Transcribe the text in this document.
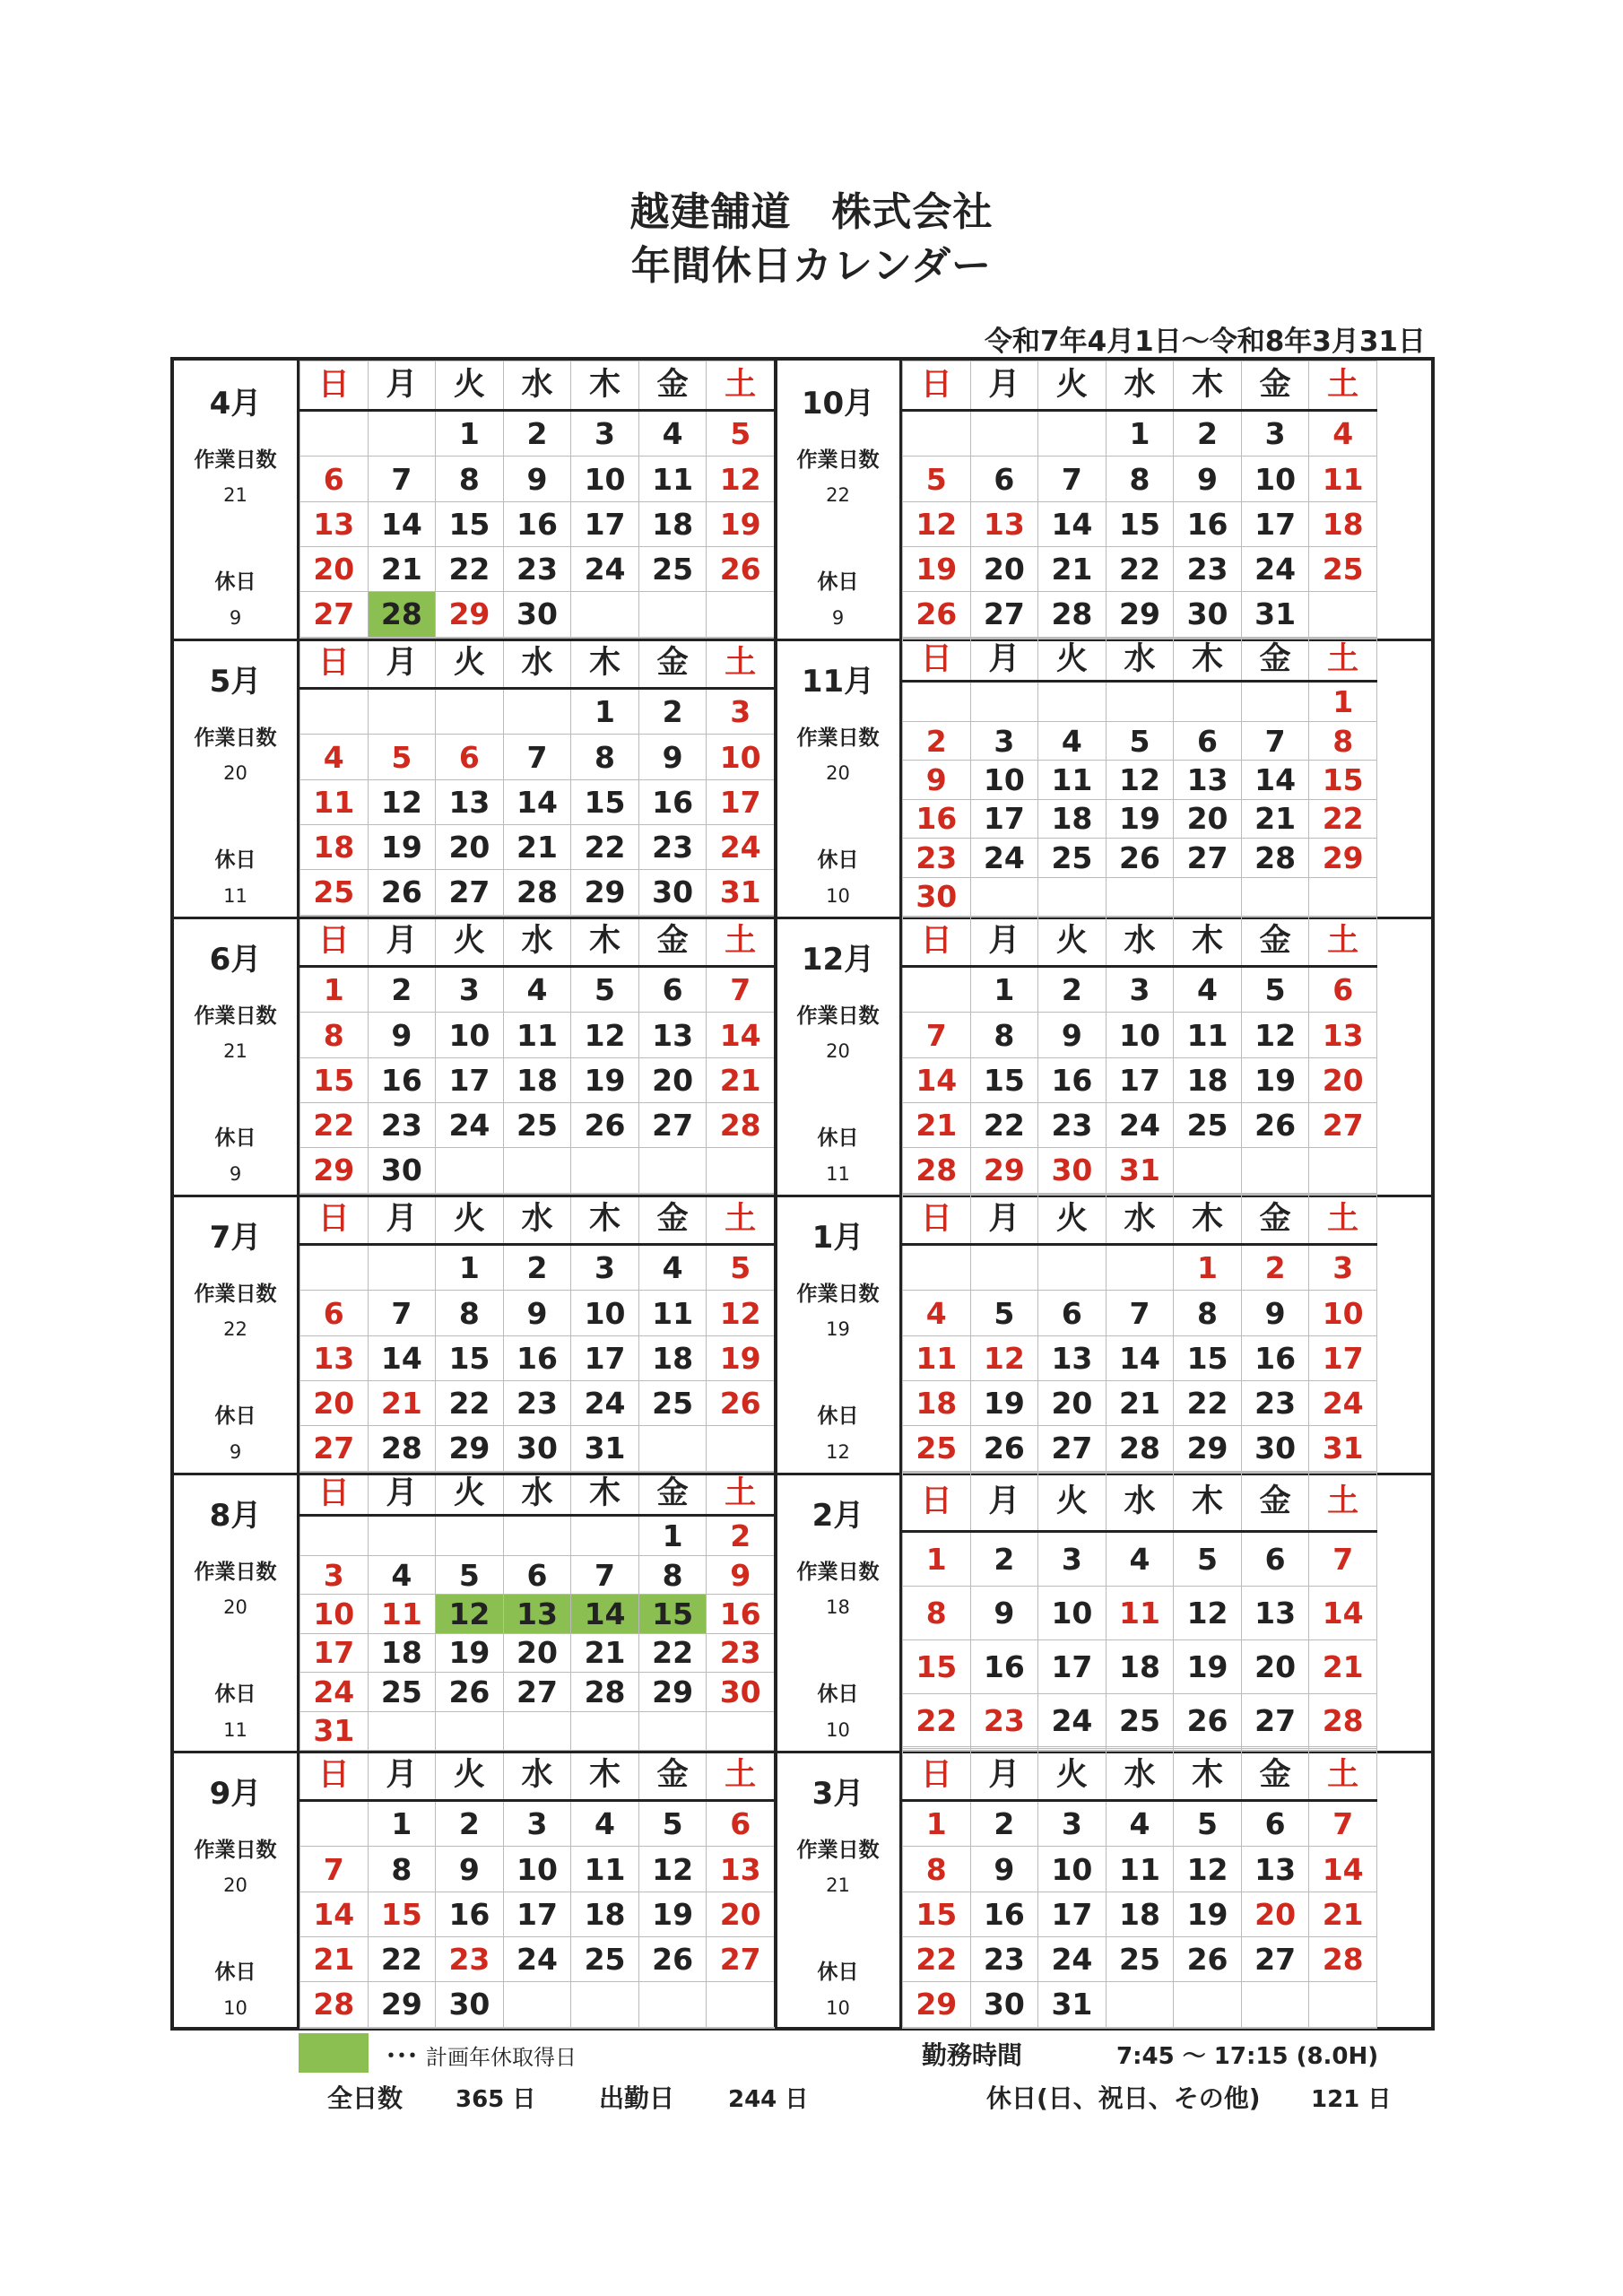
越建舗道　株式会社
年間休日カレンダー
令和7年4月1日～令和8年3月31日
4月
作業日数
21
休日
9
日	月	火	水	木	金	土
		1	2	3	4	5
6	7	8	9	10	11	12
13	14	15	16	17	18	19
20	21	22	23	24	25	26
27	28	29	30			

5月
作業日数
20
休日
11
日	月	火	水	木	金	土
				1	2	3
4	5	6	7	8	9	10
11	12	13	14	15	16	17
18	19	20	21	22	23	24
25	26	27	28	29	30	31

6月
作業日数
21
休日
9
日	月	火	水	木	金	土
1	2	3	4	5	6	7
8	9	10	11	12	13	14
15	16	17	18	19	20	21
22	23	24	25	26	27	28
29	30					

7月
作業日数
22
休日
9
日	月	火	水	木	金	土
		1	2	3	4	5
6	7	8	9	10	11	12
13	14	15	16	17	18	19
20	21	22	23	24	25	26
27	28	29	30	31		

8月
作業日数
20
休日
11
日	月	火	水	木	金	土
					1	2
3	4	5	6	7	8	9
10	11	12	13	14	15	16
17	18	19	20	21	22	23
24	25	26	27	28	29	30
31						
9月
作業日数
20
休日
10
日	月	火	水	木	金	土
	1	2	3	4	5	6
7	8	9	10	11	12	13
14	15	16	17	18	19	20
21	22	23	24	25	26	27
28	29	30				

10月
作業日数
22
休日
9
日	月	火	水	木	金	土
			1	2	3	4
5	6	7	8	9	10	11
12	13	14	15	16	17	18
19	20	21	22	23	24	25
26	27	28	29	30	31	

11月
作業日数
20
休日
10
日	月	火	水	木	金	土
						1
2	3	4	5	6	7	8
9	10	11	12	13	14	15
16	17	18	19	20	21	22
23	24	25	26	27	28	29
30						
12月
作業日数
20
休日
11
日	月	火	水	木	金	土
	1	2	3	4	5	6
7	8	9	10	11	12	13
14	15	16	17	18	19	20
21	22	23	24	25	26	27
28	29	30	31			

1月
作業日数
19
休日
12
日	月	火	水	木	金	土
				1	2	3
4	5	6	7	8	9	10
11	12	13	14	15	16	17
18	19	20	21	22	23	24
25	26	27	28	29	30	31

2月
作業日数
18
休日
10
日	月	火	水	木	金	土
1	2	3	4	5	6	7
8	9	10	11	12	13	14
15	16	17	18	19	20	21
22	23	24	25	26	27	28

3月
作業日数
21
休日
10
日	月	火	水	木	金	土
1	2	3	4	5	6	7
8	9	10	11	12	13	14
15	16	17	18	19	20	21
22	23	24	25	26	27	28
29	30	31				

･･･ 計画年休取得日	勤務時間	7:45 ～ 17:15 (8.0H)
全日数 365 日	出勤日 244 日	休日(日、祝日、その他) 121 日
